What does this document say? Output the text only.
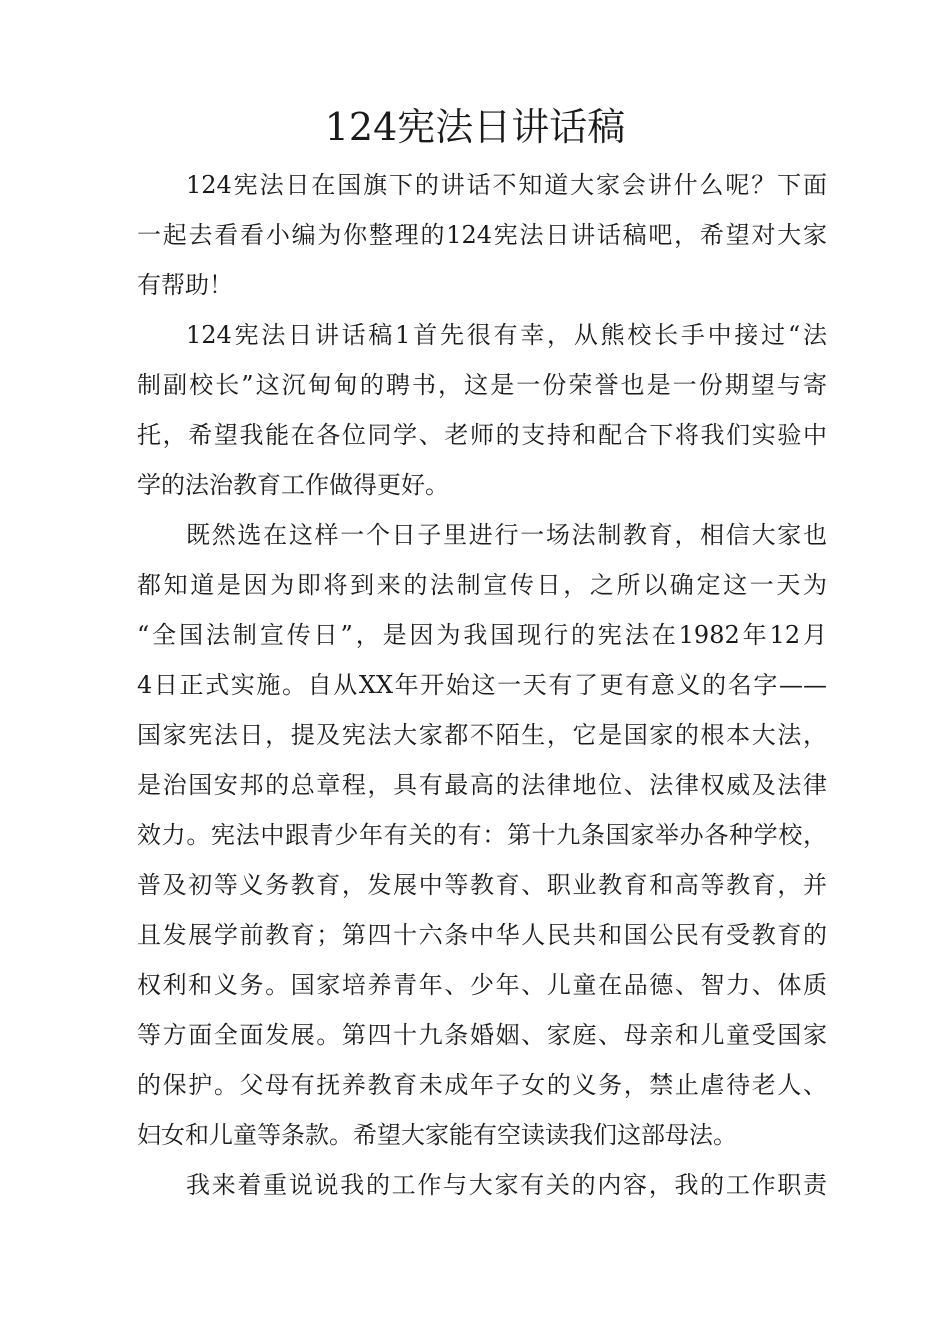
124宪法日讲话稿
124宪法日在国旗下的讲话不知道大家会讲什么呢？下面
一起去看看小编为你整理的124宪法日讲话稿吧，希望对大家
有帮助！
124宪法日讲话稿1首先很有幸，从熊校长手中接过“法
制副校长”这沉甸甸的聘书，这是一份荣誉也是一份期望与寄
托，希望我能在各位同学、老师的支持和配合下将我们实验中
学的法治教育工作做得更好。
既然选在这样一个日子里进行一场法制教育，相信大家也
都知道是因为即将到来的法制宣传日，之所以确定这一天为
“全国法制宣传日”，是因为我国现行的宪法在1982年12月
4日正式实施。自从XX年开始这一天有了更有意义的名字——
国家宪法日，提及宪法大家都不陌生，它是国家的根本大法，
是治国安邦的总章程，具有最高的法律地位、法律权威及法律
效力。宪法中跟青少年有关的有：第十九条国家举办各种学校，
普及初等义务教育，发展中等教育、职业教育和高等教育，并
且发展学前教育；第四十六条中华人民共和国公民有受教育的
权利和义务。国家培养青年、少年、儿童在品德、智力、体质
等方面全面发展。第四十九条婚姻、家庭、母亲和儿童受国家
的保护。父母有抚养教育未成年子女的义务，禁止虐待老人、
妇女和儿童等条款。希望大家能有空读读我们这部母法。
我来着重说说我的工作与大家有关的内容，我的工作职责
